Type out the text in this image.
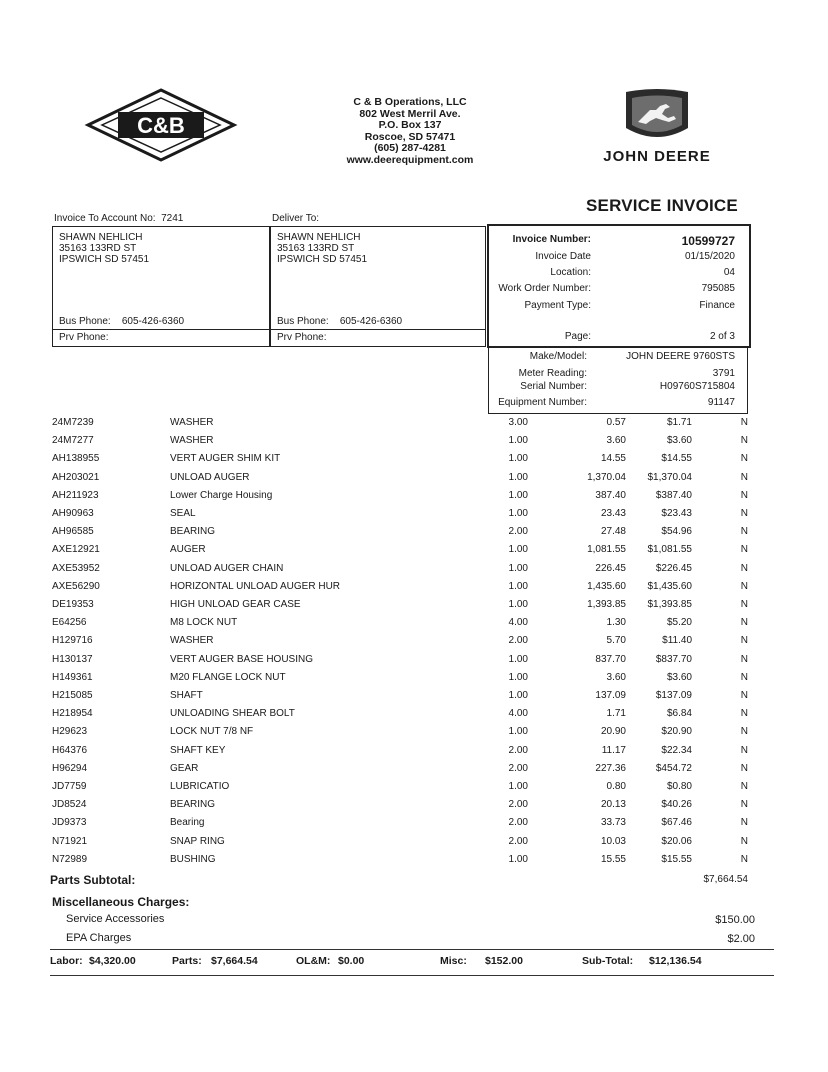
C&B
C & B Operations, LLC
802 West Merril Ave.
P.O. Box 137
Roscoe, SD 57471
(605) 287-4281
www.deerequipment.com	JOHN DEERE
SERVICE INVOICE
Invoice To Account No: 7241	Deliver To:
SHAWN NEHLICH
35163 133RD ST
IPSWICH SD 57451
Bus Phone: 605-426-6360
Prv Phone:
SHAWN NEHLICH
35163 133RD ST
IPSWICH SD 57451
Bus Phone: 605-426-6360
Prv Phone:
Invoice Number:	10599727
Invoice Date	01/15/2020
Location:	04
Work Order Number:	795085
Payment Type:	Finance
Page:	2 of 3
Make/Model:	JOHN DEERE 9760STS
Meter Reading:	3791
Serial Number:	H09760S715804
Equipment Number:	91147
24M7239	WASHER	3.00	0.57	$1.71	N
24M7277	WASHER	1.00	3.60	$3.60	N
AH138955	VERT AUGER SHIM KIT	1.00	14.55	$14.55	N
AH203021	UNLOAD AUGER	1.00	1,370.04	$1,370.04	N
AH211923	Lower Charge Housing	1.00	387.40	$387.40	N
AH90963	SEAL	1.00	23.43	$23.43	N
AH96585	BEARING	2.00	27.48	$54.96	N
AXE12921	AUGER	1.00	1,081.55	$1,081.55	N
AXE53952	UNLOAD AUGER CHAIN	1.00	226.45	$226.45	N
AXE56290	HORIZONTAL UNLOAD AUGER HUR	1.00	1,435.60	$1,435.60	N
DE19353	HIGH UNLOAD GEAR CASE	1.00	1,393.85	$1,393.85	N
E64256	M8 LOCK NUT	4.00	1.30	$5.20	N
H129716	WASHER	2.00	5.70	$11.40	N
H130137	VERT AUGER BASE HOUSING	1.00	837.70	$837.70	N
H149361	M20 FLANGE LOCK NUT	1.00	3.60	$3.60	N
H215085	SHAFT	1.00	137.09	$137.09	N
H218954	UNLOADING SHEAR BOLT	4.00	1.71	$6.84	N
H29623	LOCK NUT 7/8 NF	1.00	20.90	$20.90	N
H64376	SHAFT KEY	2.00	11.17	$22.34	N
H96294	GEAR	2.00	227.36	$454.72	N
JD7759	LUBRICATIO	1.00	0.80	$0.80	N
JD8524	BEARING	2.00	20.13	$40.26	N
JD9373	Bearing	2.00	33.73	$67.46	N
N71921	SNAP RING	2.00	10.03	$20.06	N
N72989	BUSHING	1.00	15.55	$15.55	N
Parts Subtotal:	$7,664.54
Miscellaneous Charges:
Service Accessories	$150.00
EPA Charges	$2.00
Labor: $4,320.00	Parts: $7,664.54	OL&M: $0.00	Misc: $152.00	Sub-Total: $12,136.54
